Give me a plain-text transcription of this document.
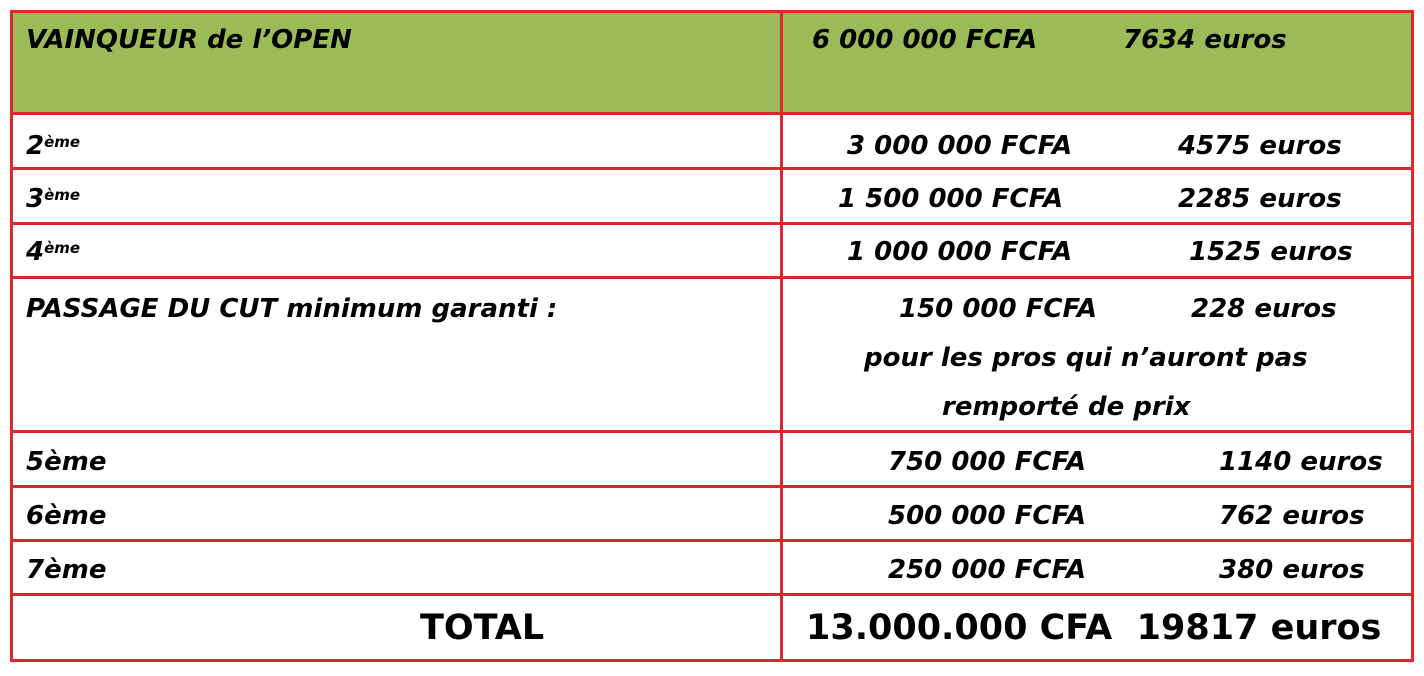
VAINQUEUR de l’OPEN	6 000 000 FCFA	7634 euros
2ème	3 000 000 FCFA	4575 euros
3ème	1 500 000 FCFA	2285 euros
4ème	1 000 000 FCFA	1525 euros
PASSAGE DU CUT minimum garanti :	150 000 FCFA	228 euros
pour les pros qui n’auront pas
remporté de prix
5ème	750 000 FCFA	1140 euros
6ème	500 000 FCFA	762 euros
7ème	250 000 FCFA	380 euros
TOTAL	13.000.000 CFA  19817 euros
